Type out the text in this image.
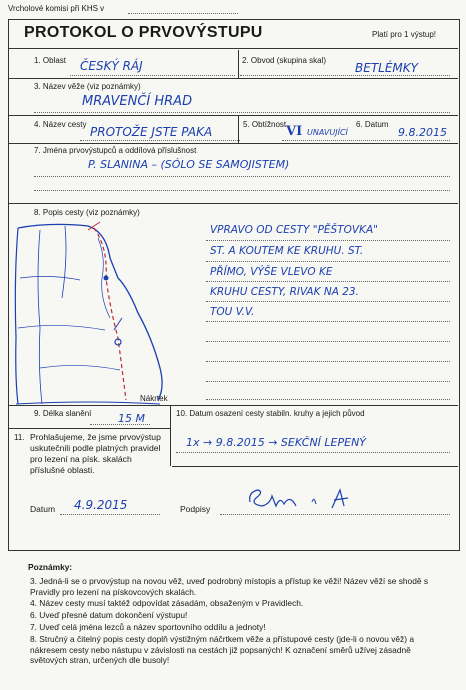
Vrcholové komisi při KHS v
PROTOKOL O PRVOVÝSTUPU	Platí pro 1 výstup!
1. Oblast ČESKÝ RÁJ	2. Obvod (skupina skal)
BETLÉMKY
3. Název věže (viz poznámky)
MRAVENČÍ HRAD
4. Název cesty
PROTOŽE JSTE PAKA
5. Obtížnost VI UNAVUJÍCÍ
6. Datum
9.8.2015
7. Jména prvovýstupců a oddílová příslušnost
P. SLANINA – (SÓLO SE SAMOJISTEM)
8. Popis cesty (viz poznámky)
Nákrtek
VPRAVO OD CESTY "PĚŠTOVKA"
ST. A KOUTEM KE KRUHU. ST.
PŘÍMO, VÝŠE VLEVO KE
KRUHU CESTY, RIVAK NA 23.
TOU V.V.
9. Délka slanění 15 M	10. Datum osazení cesty stabiln. kruhy a jejich původ
1x → 9.8.2015 → SEKČNÍ LEPENÝ
11. Prohlašujeme, že jsme prvovýstup uskutečnili podle platných pravidel pro lezení na písk. skalách příslušné oblasti.
Datum 4.9.2015	Podpisy
Poznámky:
3. Jedná-li se o prvovýstup na novou věž, uveď podrobný místopis a přístup ke věži! Název věží se shodě s Pravidly pro lezení na pískovcových skalách.
4. Název cesty musí taktéž odpovídat zásadám, obsaženým v Pravidlech.
6. Uveď přesné datum dokončení výstupu!
7. Uveď celá jména lezců a název sportovního oddílu a jednoty!
8. Stručný a čitelný popis cesty doplň výstižným náčrtkem věže a přístupové cesty (jde-li o novou věž) a nákresem cesty nebo nástupu v závislosti na cestách již popsaných! K označení směrů užívej zásadně světových stran, určených dle busoly!
